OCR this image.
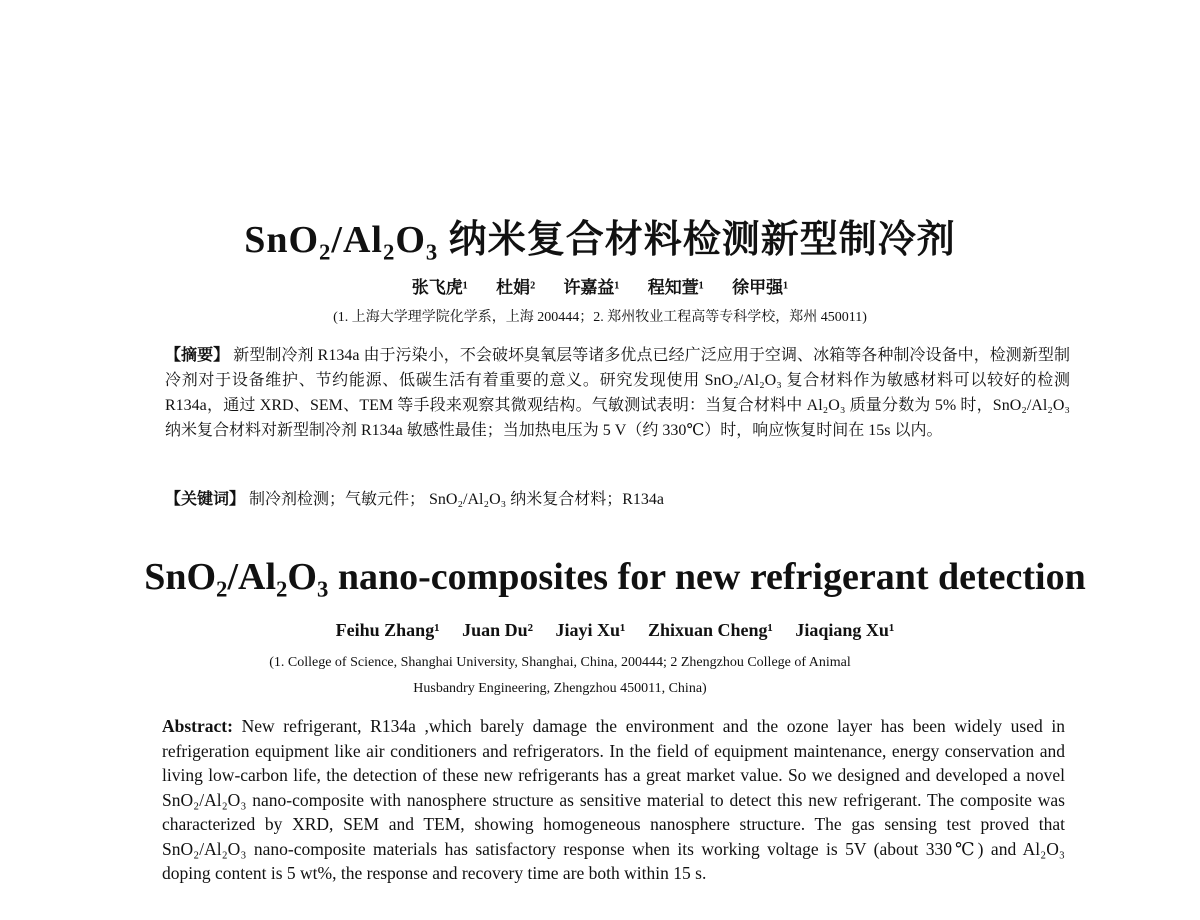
SnO₂/Al₂O₃ 纳米复合材料检测新型制冷剂
张飞虎¹ 杜娟² 许嘉益¹ 程知萱¹ 徐甲强¹
(1. 上海大学理学院化学系，上海 200444；2. 郑州牧业工程高等专科学校，郑州 450011)
【摘要】 新型制冷剂 R134a 由于污染小，不会破坏臭氧层等诸多优点已经广泛应用于空调、冰箱等各种制冷设备中，检测新型制冷剂对于设备维护、节约能源、低碳生活有着重要的意义。研究发现使用 SnO₂/Al₂O₃ 复合材料作为敏感材料可以较好的检测 R134a，通过 XRD、SEM、TEM 等手段来观察其微观结构。气敏测试表明：当复合材料中 Al₂O₃ 质量分数为 5% 时，SnO₂/Al₂O₃ 纳米复合材料对新型制冷剂 R134a 敏感性最佳；当加热电压为 5 V（约 330℃）时，响应恢复时间在 15s 以内。
【关键词】 制冷剂检测；气敏元件； SnO₂/Al₂O₃ 纳米复合材料；R134a
SnO₂/Al₂O₃ nano-composites for new refrigerant detection
Feihu Zhang¹ Juan Du² Jiayi Xu¹ Zhixuan Cheng¹ Jiaqiang Xu¹
(1. College of Science, Shanghai University, Shanghai, China, 200444; 2 Zhengzhou College of Animal
Husbandry Engineering, Zhengzhou 450011, China)
Abstract: New refrigerant, R134a ,which barely damage the environment and the ozone layer has been widely used in refrigeration equipment like air conditioners and refrigerators. In the field of equipment maintenance, energy conservation and living low-carbon life, the detection of these new refrigerants has a great market value. So we designed and developed a novel SnO₂/Al₂O₃ nano-composite with nanosphere structure as sensitive material to detect this new refrigerant. The composite was characterized by XRD, SEM and TEM, showing homogeneous nanosphere structure. The gas sensing test proved that SnO₂/Al₂O₃ nano-composite materials has satisfactory response when its working voltage is 5V (about 330℃) and Al₂O₃ doping content is 5 wt%, the response and recovery time are both within 15 s.
